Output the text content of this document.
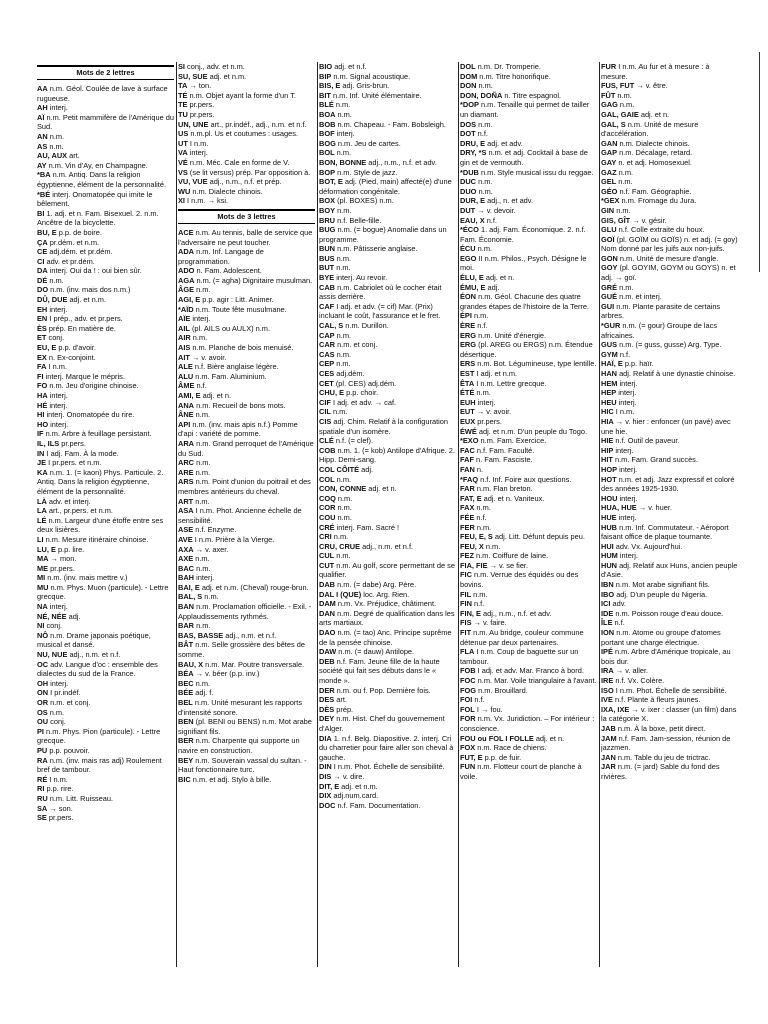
Mots de 2 lettres
AA n.m. Géol. Coulée de lave à surface rugueuse.
AH interj.
AÏ n.m. Petit mammifère de l'Amérique du Sud.
AN n.m.
AS n.m.
AU, AUX art.
AY n.m. Vin d'Ay, en Champagne.
*BA n.m. Antiq. Dans la religion égyptienne, élément de la personnalité.
*BÉ interj. Onomatopée qui imite le bêlement.
BI 1. adj. et n. Fam. Bisexuel. 2. n.m. Ancêtre de la bicyclette.
BU, E p.p. de boire.
ÇA pr.dém. et n.m.
CE adj.dém. et pr.dém.
CI adv. et pr.dém.
DA interj. Oui da ! : oui bien sûr.
DÉ n.m.
DO n.m. (inv. mais dos n.m.)
DÛ, DUE adj. et n.m.
EH interj.
EN I prép., adv. et pr.pers.
ÈS prép. En matière de.
ET conj.
EU, E p.p. d'avoir.
EX n. Ex-conjoint.
FA I n.m.
FI interj. Marque le mépris.
FO n.m. Jeu d'origine chinoise.
HA interj.
HÉ interj.
HI interj. Onomatopée du rire.
HO interj.
IF n.m. Arbre à feuillage persistant.
IL, ILS pr.pers.
IN I adj. Fam. À la mode.
JE I pr.pers. et n.m.
KA n.m. 1. (= kaon) Phys. Particule. 2. Antiq. Dans la religion égyptienne, élément de la personnalité.
LÀ adv. et interj.
LA art., pr.pers. et n.m.
LÉ n.m. Largeur d'une étoffe entre ses deux lisières.
LI n.m. Mesure itinéraire chinoise.
LU, E p.p. lire.
MA → mon.
ME pr.pers.
MI n.m. (inv. mais mettre v.)
MU n.m. Phys. Muon (particule). - Lettre grecque.
NA interj.
NÉ, NÉE adj.
NI conj.
NÔ n.m. Drame japonais poétique, musical et dansé.
NU, NUE adj., n.m. et n.f.
OC adv. Langue d'oc : ensemble des dialectes du sud de la France.
OH interj.
ON I pr.indéf.
OR n.m. et conj.
OS n.m.
OU conj.
PI n.m. Phys. Pion (particule). - Lettre grecque.
PU p.p. pouvoir.
RA n.m. (inv. mais ras adj) Roulement bref de tambour.
RÉ I n.m.
RI p.p. rire.
RU n.m. Litt. Ruisseau.
SA → son.
SE pr.pers.
SI conj., adv. et n.m.
SU, SUE adj. et n.m.
TA → ton.
TÉ n.m. Objet ayant la forme d'un T.
TE pr.pers.
TU pr.pers.
UN, UNE art., pr.indéf., adj., n.m. et n.f.
US n.m.pl. Us et coutumes : usages.
UT I n.m.
VA interj.
VÉ n.m. Méc. Cale en forme de V.
VS (se lit versus) prép. Par opposition à.
VU, VUE adj., n.m., n.f. et prép.
WU n.m. Dialecte chinois.
XI I n.m. → ksi.
Mots de 3 lettres
ACE n.m. Au tennis, balle de service que l'adversaire ne peut toucher.
ADA n.m. Inf. Langage de programmation.
ADO n. Fam. Adolescent.
AGA n.m. (= agha) Dignitaire musulman.
ÂGE n.m.
AGI, E p.p. agir : Litt. Animer.
*AÏD n.m. Toute fête musulmane.
AÏE interj.
AIL (pl. AILS ou AULX) n.m.
AIR n.m.
AIS n.m. Planche de bois menuisé.
AIT → v. avoir.
ALE n.f. Bière anglaise légère.
ALU n.m. Fam. Aluminium.
ÂME n.f.
AMI, E adj. et n.
ANA n.m. Recueil de bons mots.
ÂNE n.m.
API n.m. (inv. mais apis n.f.) Pomme d'api : variété de pomme.
ARA n.m. Grand perroquet de l'Amérique du Sud.
ARC n.m.
ARE n.m.
ARS n.m. Point d'union du poitrail et des membres antérieurs du cheval.
ART n.m.
ASA I n.m. Phot. Ancienne échelle de sensibilité.
ASE n.f. Enzyme.
AVE I n.m. Prière à la Vierge.
AXA → v. axer.
AXE n.m.
BAC n.m.
BAH interj.
BAI, E adj. et n.m. (Cheval) rouge-brun.
BAL, S n.m.
BAN n.m. Proclamation officielle. - Exil. - Applaudissements rythmés.
BAR n.m.
BAS, BASSE adj., n.m. et n.f.
BÂT n.m. Selle grossière des bêtes de somme.
BAU, X n.m. Mar. Poutre transversale.
BÉA → v. béer (p.p. inv.)
BEC n.m.
BÉE adj. f.
BEL n.m. Unité mesurant les rapports d'intensité sonore.
BEN (pl. BENI ou BENS) n.m. Mot arabe signifiant fils.
BER n.m. Charpente qui supporte un navire en construction.
BEY n.m. Souverain vassal du sultan. - Haut fonctionnaire turc.
BIC n.m. et adj. Stylo à bille.
BIO adj. et n.f.
BIP n.m. Signal acoustique.
BIS, E adj. Gris-brun.
BIT n.m. Inf. Unité élémentaire.
BLÉ n.m.
BOA n.m.
BOB n.m. Chapeau. - Fam. Bobsleigh.
BOF interj.
BOG n.m. Jeu de cartes.
BOL n.m.
BON, BONNE adj., n.m., n.f. et adv.
BOP n.m. Style de jazz.
BOT, E adj. (Pied, main) affecté(e) d'une déformation congénitale.
BOX (pl. BOXES) n.m.
BOY n.m.
BRU n.f. Belle-fille.
BUG n.m. (= bogue) Anomalie dans un programme.
BUN n.m. Pâtisserie anglaise.
BUS n.m.
BUT n.m.
BYE interj. Au revoir.
CAB n.m. Cabriolet où le cocher était assis derrière.
CAF I adj. et adv. (= cif) Mar. (Prix) incluant le coût, l'assurance et le fret.
CAL, S n.m. Durillon.
CAP n.m.
CAR n.m. et conj.
CAS n.m.
CEP n.m.
CES adj.dém.
CET (pl. CES) adj.dém.
CHU, E p.p. choir.
CIF I adj. et adv. → caf.
CIL n.m.
CIS adj. Chim. Relatif à la configuration spatiale d'un isomère.
CLÉ n.f. (= clef).
COB n.m. 1. (= kob) Antilope d'Afrique. 2. Hipp. Demi-sang.
COL CÔITÉ adj.
COL n.m.
CON, CONNE adj. et n.
COQ n.m.
COR n.m.
COU n.m.
CRÉ interj. Fam. Sacré !
CRI n.m.
CRU, CRUE adj., n.m. et n.f.
CUL n.m.
CUT n.m. Au golf, score permettant de se qualifier.
DAB n.m. (= dabe) Arg. Père.
DAL I (QUE) loc. Arg. Rien.
DAM n.m. Vx. Préjudice, châtiment.
DAN n.m. Degré de qualification dans les arts martiaux.
DAO n.m. (= tao) Anc. Principe suprême de la pensée chinoise.
DAW n.m. (= dauw) Antilope.
DEB n.f. Fam. Jeune fille de la haute société qui fait ses débuts dans le « monde ».
DER n.m. ou f. Pop. Dernière fois.
DES art.
DÈS prép.
DEY n.m. Hist. Chef du gouvernement d'Alger.
DIA 1. n.f. Belg. Diapositive. 2. interj. Cri du charretier pour faire aller son cheval à gauche.
DIN I n.m. Phot. Échelle de sensibilité.
DIS → v. dire.
DIT, E adj. et n.m.
DIX adj.num.card.
DOC n.f. Fam. Documentation.
DOL n.m. Dr. Tromperie.
DOM n.m. Titre honorifique.
DON n.m.
DON, DOÑA n. Titre espagnol.
*DOP n.m. Tenaille qui permet de tailler un diamant.
DOS n.m.
DOT n.f.
DRU, E adj. et adv.
DRY, *S n.m. et adj. Cocktail à base de gin et de vermouth.
*DUB n.m. Style musical issu du reggae.
DUC n.m.
DUO n.m.
DUR, E adj., n. et adv.
DUT → v. devoir.
EAU, X n.f.
*ÉCO 1. adj. Fam. Économique. 2. n.f. Fam. Économie.
ÉCU n.m.
EGO II n.m. Philos., Psych. Désigne le moi.
ÉLU, E adj. et n.
ÉMU, E adj.
ÉON n.m. Géol. Chacune des quatre grandes étapes de l'histoire de la Terre.
ÉPI n.m.
ÈRE n.f.
ERG n.m. Unité d'énergie.
ERG (pl. AREG ou ERGS) n.m. Étendue désertique.
ERS n.m. Bot. Légumineuse, type lentille.
EST I adj. et n.m.
ÊTA I n.m. Lettre grecque.
ÉTÉ n.m.
EUH interj.
EUT → v. avoir.
EUX pr.pers.
ÉWÉ adj. et n.m. D'un peuple du Togo.
*EXO n.m. Fam. Exercice.
FAC n.f. Fam. Faculté.
FAF n. Fam. Fasciste.
FAN n.
*FAQ n.f. Inf. Foire aux questions.
FAR n.m. Flan breton.
FAT, E adj. et n. Vaniteux.
FAX n.m.
FÉE n.f.
FER n.m.
FEU, E, S adj. Litt. Défunt depuis peu.
FEU, X n.m.
FEZ n.m. Coiffure de laine.
FIA, FIE → v. se fier.
FIC n.m. Verrue des équidés ou des bovins.
FIL n.m.
FIN n.f.
FIN, E adj., n.m., n.f. et adv.
FIS → v. faire.
FIT n.m. Au bridge, couleur commune détenue par deux partenaires.
FLA I n.m. Coup de baguette sur un tambour.
FOB I adj. et adv. Mar. Franco à bord.
FOC n.m. Mar. Voile triangulaire à l'avant.
FOG n.m. Brouillard.
FOI n.f.
FOL I → fou.
FOR n.m. Vx. Juridiction. – For intérieur : conscience.
FOU ou FOL I FOLLE adj. et n.
FOX n.m. Race de chiens.
FUT, E p.p. de fuir.
FUN n.m. Flotteur court de planche à voile.
FUR I n.m. Au fur et à mesure : à mesure.
FUS, FUT → v. être.
FÛT n.m.
GAG n.m.
GAL, GAIE adj. et n.
GAL, S n.m. Unité de mesure d'accélération.
GAN n.m. Dialecte chinois.
GAP n.m. Décalage, retard.
GAY n. et adj. Homosexuel.
GAZ n.m.
GEL n.m.
GÉO n.f. Fam. Géographie.
*GEX n.m. Fromage du Jura.
GIN n.m.
GIS, GÎT → v. gésir.
GLU n.f. Colle extraite du houx.
GOÏ (pl. GOÏM ou GOÏS) n. et adj. (= goy) Nom donné par les juifs aux non-juifs.
GON n.m. Unité de mesure d'angle.
GOY (pl. GOYIM, GOYM ou GOYS) n. et adj. → goï.
GRÉ n.m.
GUÉ n.m. et interj.
GUI n.m. Plante parasite de certains arbres.
*GUR n.m. (= gour) Groupe de lacs africaines.
GUS n.m. (= guss, gusse) Arg. Type.
GYM n.f.
HAÏ, E p.p. haïr.
HAN adj. Relatif à une dynastie chinoise.
HEM interj.
HEP interj.
HEU interj.
HIC I n.m.
HIA → v. hier : enfoncer (un pavé) avec une hie.
HIE n.f. Outil de paveur.
HIP interj.
HIT n.m. Fam. Grand succès.
HOP interj.
HOT n.m. et adj. Jazz expressif et coloré des années 1925-1930.
HOU interj.
HUA, HUE → v. huer.
HUE interj.
HUB n.m. Inf. Commutateur. - Aéroport faisant office de plaque tournante.
HUI adv. Vx. Aujourd'hui.
HUM interj.
HUN adj. Relatif aux Huns, ancien peuple d'Asie.
IBN n.m. Mot arabe signifiant fils.
IBO adj. D'un peuple du Nigeria.
ICI adv.
IDE n.m. Poisson rouge d'eau douce.
ÎLE n.f.
ION n.m. Atome ou groupe d'atomes portant une charge électrique.
IPÉ n.m. Arbre d'Amérique tropicale, au bois dur.
IRA → v. aller.
IRE n.f. Vx. Colère.
ISO I n.m. Phot. Échelle de sensibilité.
IVE n.f. Plante à fleurs jaunes.
IXA, IXE → v. ixer : classer (un film) dans la catégorie X.
JAB n.m. À la boxe, petit direct.
JAM n.f. Fam. Jam-session, réunion de jazzmen.
JAN n.m. Table du jeu de trictrac.
JAR n.m. (= jard) Sable du fond des rivières.
